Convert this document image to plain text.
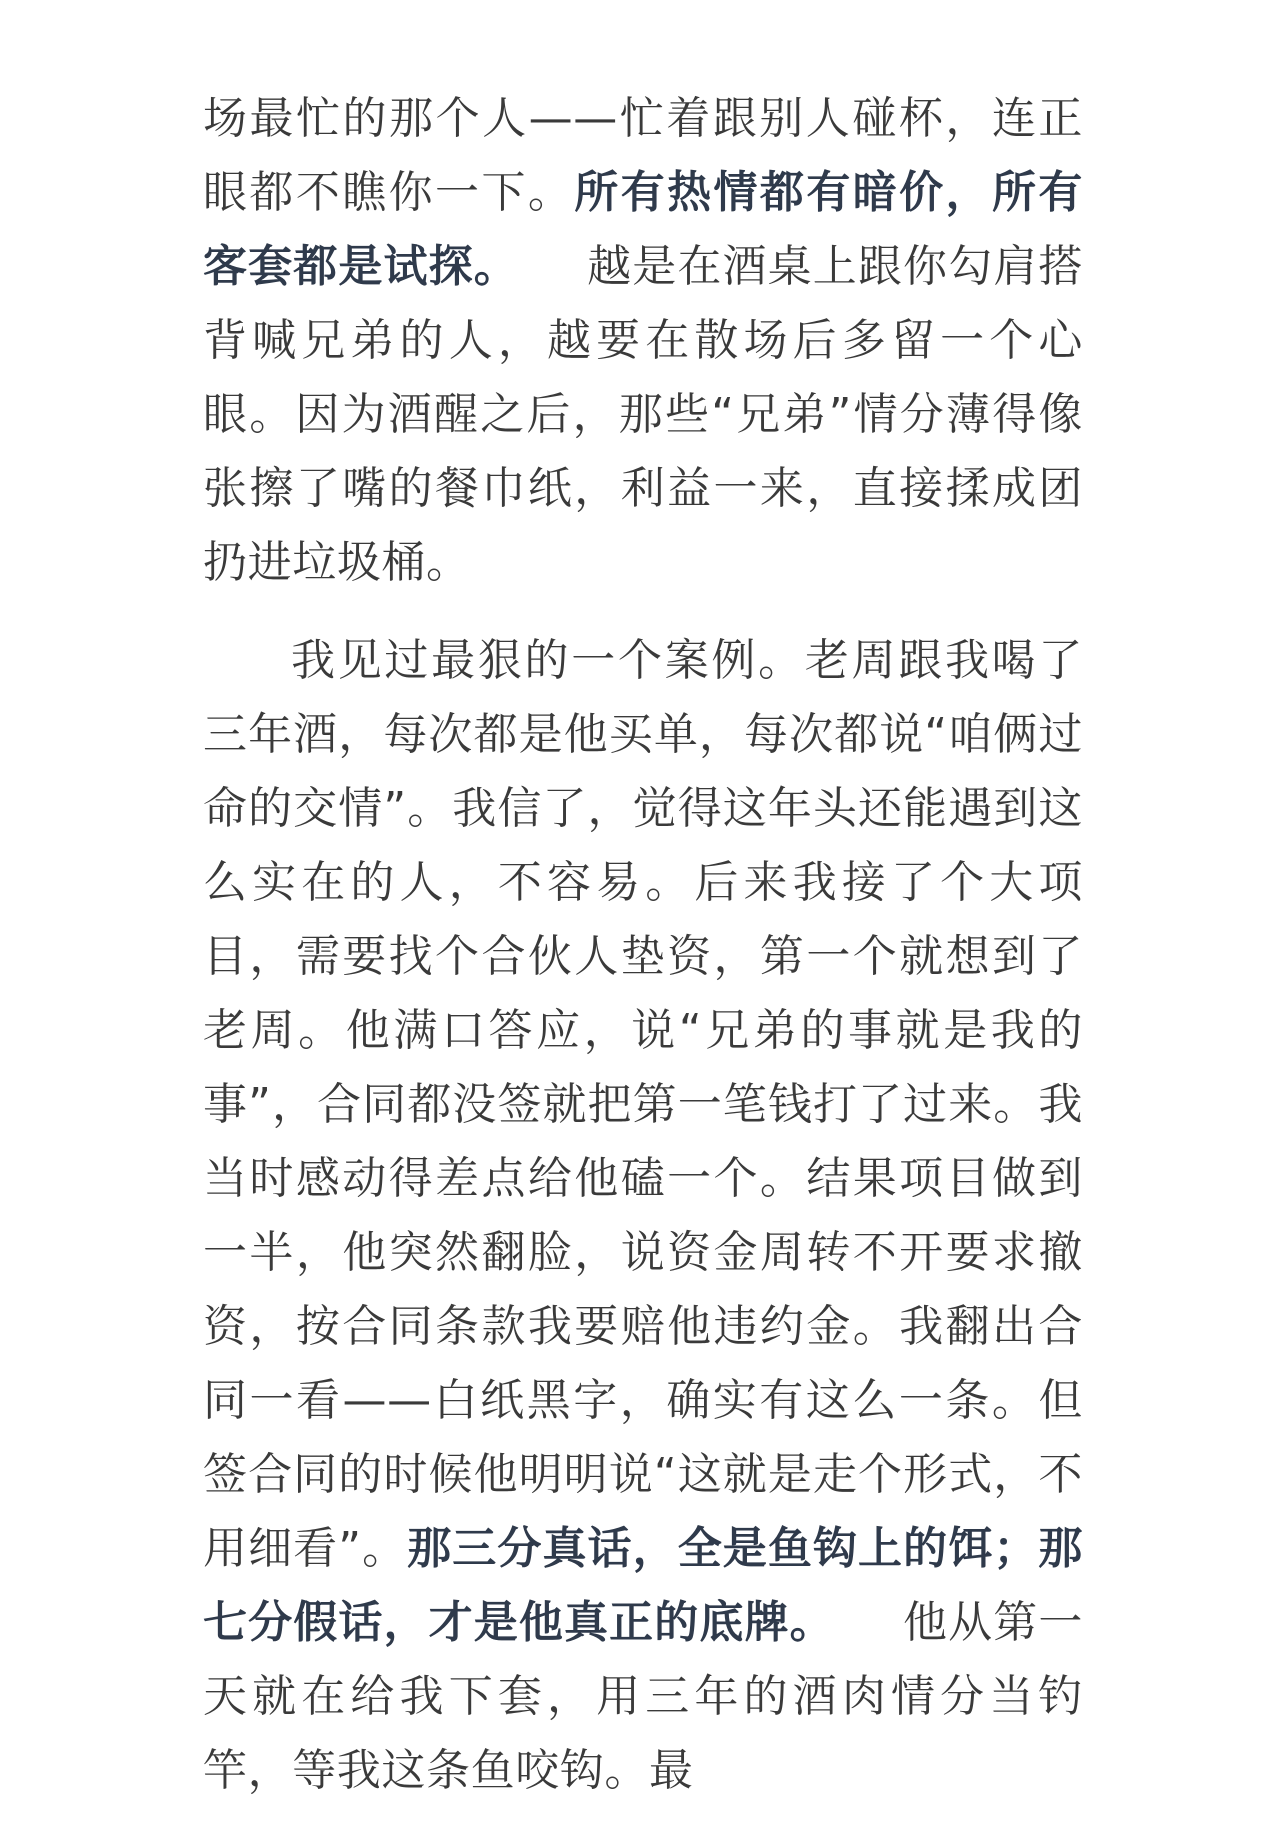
场最忙的那个人——忙着跟别人碰杯，连正眼都不瞧你一下。所有热情都有暗价，所有客套都是试探。　　越是在酒桌上跟你勾肩搭背喊兄弟的人，越要在散场后多留一个心眼。因为酒醒之后，那些“兄弟”情分薄得像张擦了嘴的餐巾纸，利益一来，直接揉成团扔进垃圾桶。

我见过最狠的一个案例。老周跟我喝了三年酒，每次都是他买单，每次都说“咱俩过命的交情”。我信了，觉得这年头还能遇到这么实在的人，不容易。后来我接了个大项目，需要找个合伙人垫资，第一个就想到了老周。他满口答应，说“兄弟的事就是我的事”，合同都没签就把第一笔钱打了过来。我当时感动得差点给他磕一个。结果项目做到一半，他突然翻脸，说资金周转不开要求撤资，按合同条款我要赔他违约金。我翻出合同一看——白纸黑字，确实有这么一条。但签合同的时候他明明说“这就是走个形式，不用细看”。那三分真话，全是鱼钩上的饵；那七分假话，才是他真正的底牌。　　他从第一天就在给我下套，用三年的酒肉情分当钓竿，等我这条鱼咬钩。最
